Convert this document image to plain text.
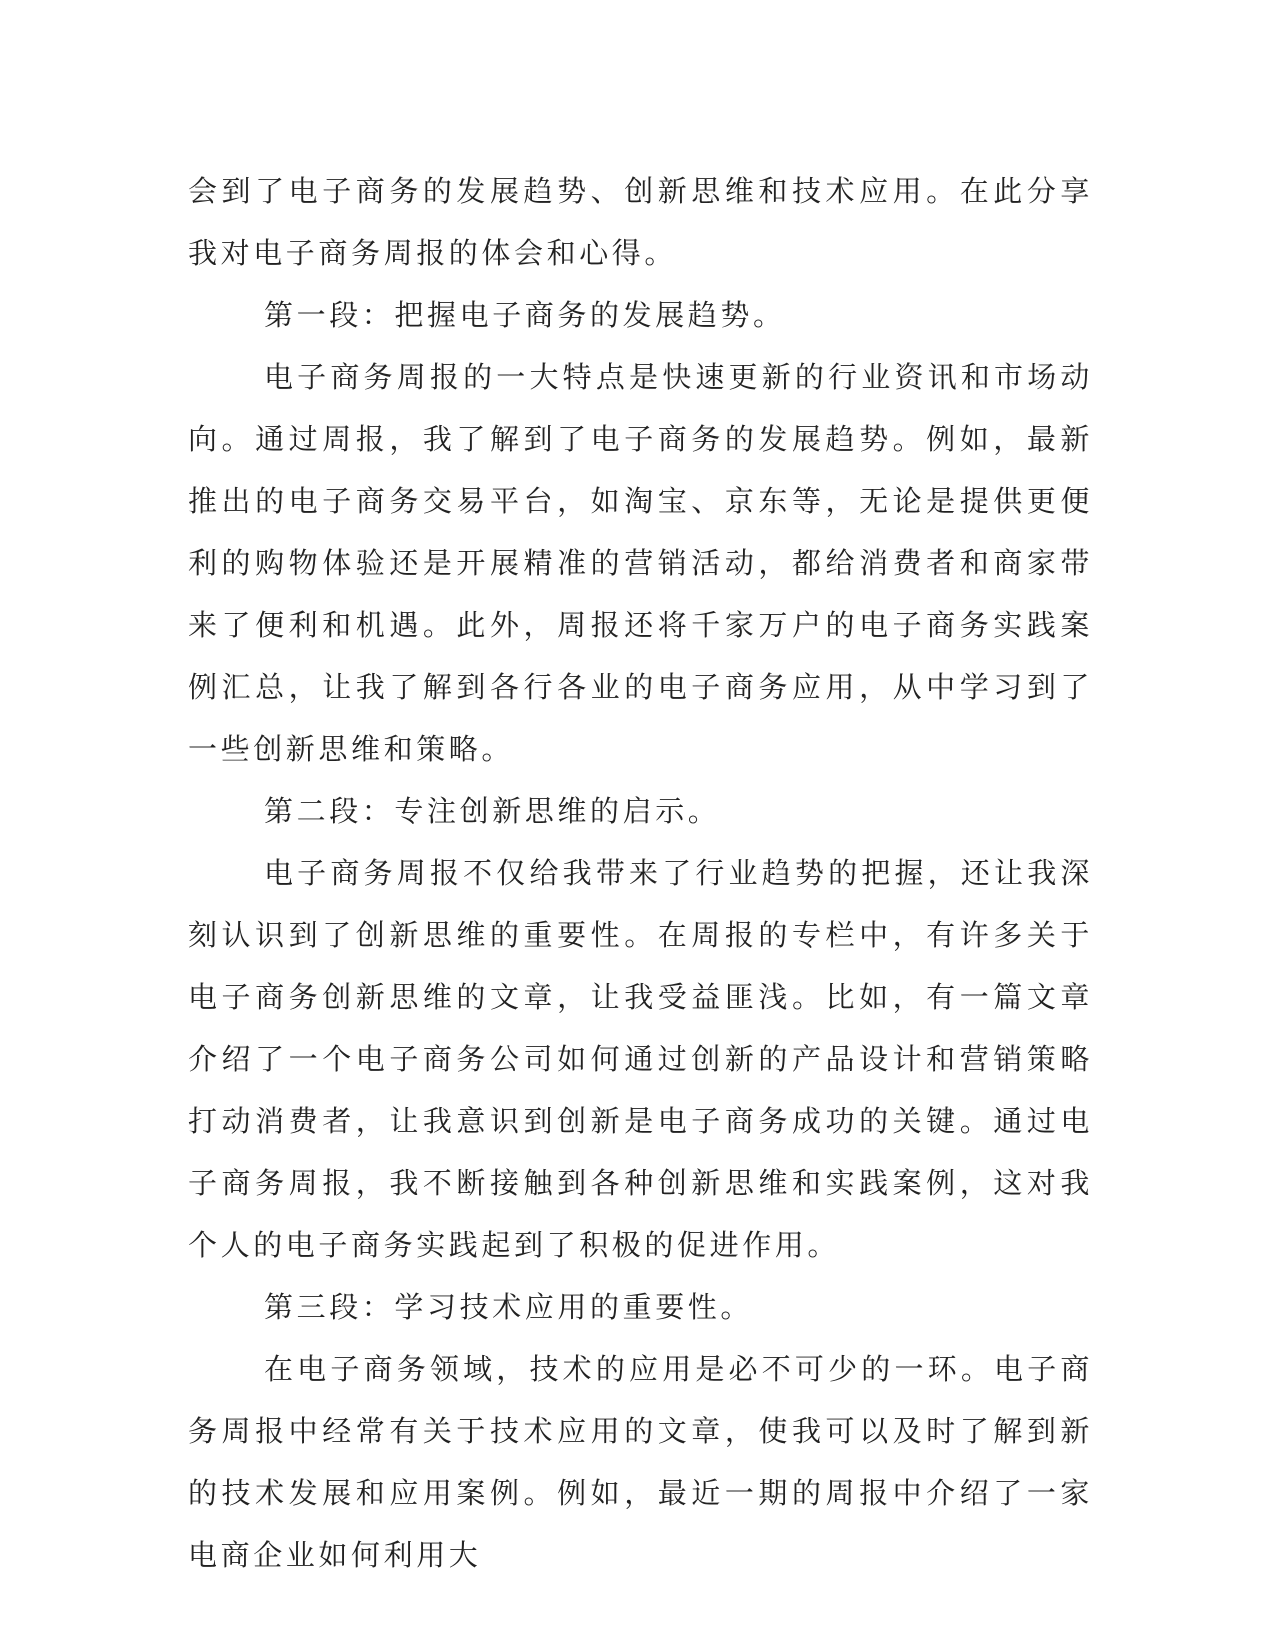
会到了电子商务的发展趋势、创新思维和技术应用。在此分享我对电子商务周报的体会和心得。

第一段：把握电子商务的发展趋势。

电子商务周报的一大特点是快速更新的行业资讯和市场动向。通过周报，我了解到了电子商务的发展趋势。例如，最新推出的电子商务交易平台，如淘宝、京东等，无论是提供更便利的购物体验还是开展精准的营销活动，都给消费者和商家带来了便利和机遇。此外，周报还将千家万户的电子商务实践案例汇总，让我了解到各行各业的电子商务应用，从中学习到了一些创新思维和策略。

第二段：专注创新思维的启示。

电子商务周报不仅给我带来了行业趋势的把握，还让我深刻认识到了创新思维的重要性。在周报的专栏中，有许多关于电子商务创新思维的文章，让我受益匪浅。比如，有一篇文章介绍了一个电子商务公司如何通过创新的产品设计和营销策略打动消费者，让我意识到创新是电子商务成功的关键。通过电子商务周报，我不断接触到各种创新思维和实践案例，这对我个人的电子商务实践起到了积极的促进作用。

第三段：学习技术应用的重要性。

在电子商务领域，技术的应用是必不可少的一环。电子商务周报中经常有关于技术应用的文章，使我可以及时了解到新的技术发展和应用案例。例如，最近一期的周报中介绍了一家电商企业如何利用大
